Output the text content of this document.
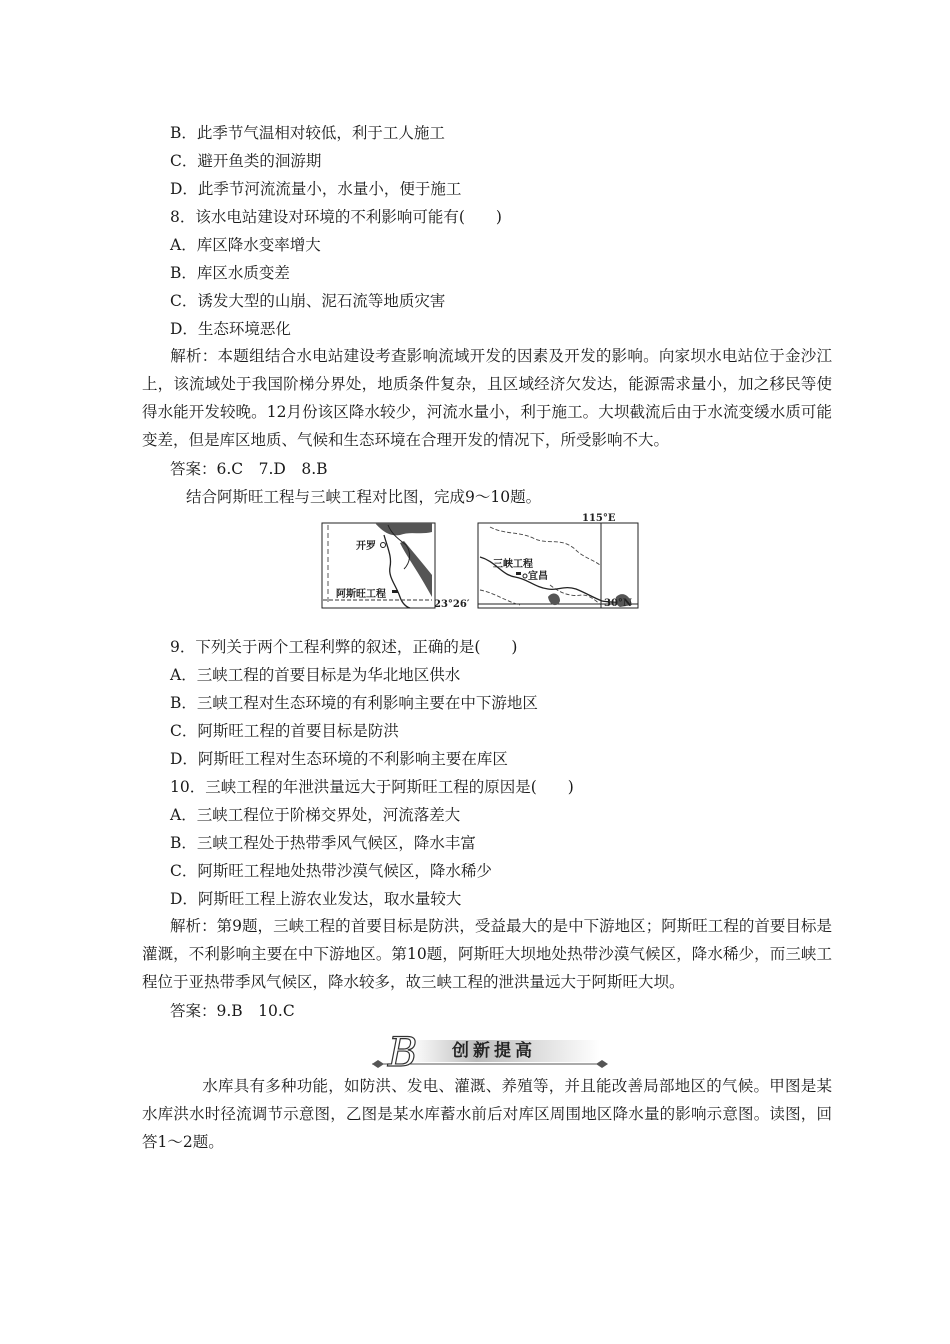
B．此季节气温相对较低，利于工人施工
C．避开鱼类的洄游期
D．此季节河流流量小，水量小，便于施工
8．该水电站建设对环境的不利影响可能有(　　)
A．库区降水变率增大
B．库区水质变差
C．诱发大型的山崩、泥石流等地质灾害
D．生态环境恶化
解析：本题组结合水电站建设考查影响流域开发的因素及开发的影响。向家坝水电站位于金沙江上，该流域处于我国阶梯分界处，地质条件复杂，且区域经济欠发达，能源需求量小，加之移民等使得水能开发较晚。12月份该区降水较少，河流水量小，利于施工。大坝截流后由于水流变缓水质可能变差，但是库区地质、气候和生态环境在合理开发的情况下，所受影响不大。
答案：6.C　7.D　8.B
结合阿斯旺工程与三峡工程对比图，完成9～10题。
开罗
阿斯旺工程
23°26′
115°E
三峡工程
宜昌
30°N
9．下列关于两个工程利弊的叙述，正确的是(　　)
A．三峡工程的首要目标是为华北地区供水
B．三峡工程对生态环境的有利影响主要在中下游地区
C．阿斯旺工程的首要目标是防洪
D．阿斯旺工程对生态环境的不利影响主要在库区
10．三峡工程的年泄洪量远大于阿斯旺工程的原因是(　　)
A．三峡工程位于阶梯交界处，河流落差大
B．三峡工程处于热带季风气候区，降水丰富
C．阿斯旺工程地处热带沙漠气候区，降水稀少
D．阿斯旺工程上游农业发达，取水量较大
解析：第9题，三峡工程的首要目标是防洪，受益最大的是中下游地区；阿斯旺工程的首要目标是灌溉，不利影响主要在中下游地区。第10题，阿斯旺大坝地处热带沙漠气候区，降水稀少，而三峡工程位于亚热带季风气候区，降水较多，故三峡工程的泄洪量远大于阿斯旺大坝。
答案：9.B　10.C
B 创新提高
水库具有多种功能，如防洪、发电、灌溉、养殖等，并且能改善局部地区的气候。甲图是某水库洪水时径流调节示意图，乙图是某水库蓄水前后对库区周围地区降水量的影响示意图。读图，回答1～2题。
